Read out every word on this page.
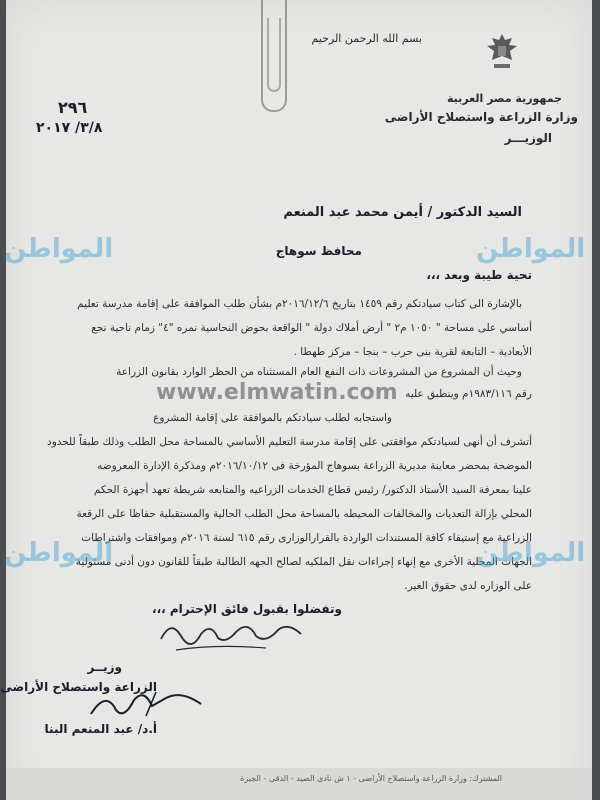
بسم الله الرحمن الرحيم
جمهورية مصر العربية
وزارة الزراعة واستصلاح الأراضى
الوزيـــر
٢٩٦
٣/٨/ ٢٠١٧
السيد الدكتور / أيمن محمد عبد المنعم
محافظ سوهاج
المواطن	المواطن
تحية طيبة وبعد ،،،
بالإشارة الى كتاب سيادتكم رقم ١٤٥٩ بتاريخ ٢٠١٦/١٢/٦م بشأن طلب الموافقة على إقامة مدرسة تعليم
أساسي على مساحة " ١٠٥٠ م٢ " أرض أملاك دولة " الواقعة بحوض النحاسية نمره "٤" زمام ناحية نجع
الأبعادية – التابعة لقرية بنى حرب – بنجا – مركز طهطا .
وحيث أن المشروع من المشروعات ذات النفع العام المستثناه من الحظر الوارد بقانون الزراعة
رقم ١٩٨٣/١١٦م وينطبق عليه
www.elmwatin.com
واستجابه لطلب سيادتكم بالموافقة على إقامة المشروع
أتشرف أن أنهى لسيادتكم موافقتى على إقامة مدرسة التعليم الأساسي بالمساحة محل الطلب وذلك طبقاً للحدود
الموضحة بمحضر معاينة مديرية الزراعة بسوهاج المؤرخة فى ٢٠١٦/١٠/١٢م ومذكرة الإدارة المعروضه
علينا بمعرفة السيد الأستاذ الدكتور/ رئيس قطاع الخدمات الزراعيه والمتابعه شريطة تعهد أجهزة الحكم
المحلي بإزالة التعديات والمخالفات المحيطه بالمساحة محل الطلب الحالية والمستقبلية حفاظا على الرقعة
الزراعية مع إستيفاء كافة المستندات الواردة بالقرارالوزارى رقم ٦١٥ لسنة ٢٠١٦م وموافقات واشتراطات
الجهات المحلية الأخرى مع إنهاء إجراءات نقل الملكيه لصالح الجهه الطالبة طبقاً للقانون دون أدنى مسئولية
على الوزاره لدى حقوق الغير.
المواطن	المواطن
وتفضلوا بقبول فائق الإحترام ،،،
وزيــر
الزراعة واستصلاح الأراضى
أ.د/ عبد المنعم البنا
المشترك: وزارة الزراعة واستصلاح الأراضى - ١ ش نادى الصيد - الدقى - الجيزة
